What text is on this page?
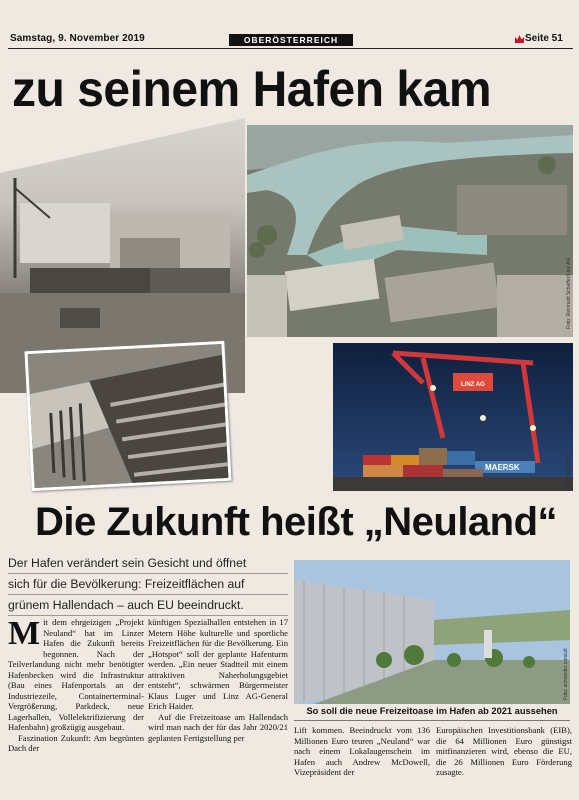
Samstag, 9. November 2019	OBERÖSTERREICH	Seite 51
zu seinem Hafen kam
Foto: Reinhold Schaffer/Linz AG

MAERSK
LINZ AG
Foto: MCRLOX
Die Zukunft heißt „Neuland“
Der Hafen verändert sein Gesicht und öffnet
sich für die Bevölkerung: Freizeitflächen auf
grünem Hallendach – auch EU beeindruckt.
Foto: schneider consult
So soll die neue Freizeitoase im Hafen ab 2021 aussehen
Mit dem ehrgeizigen „Projekt Neuland“ hat im Linzer Hafen die Zukunft bereits begonnen. Nach der Teilverlandung nicht mehr benötigter Hafenbecken wird die Infrastruktur (Bau eines Hafenportals an der Industriezeile, Containerterminal-Vergrößerung, Parkdeck, neue Lagerhallen, Vollelektrifizierung der Hafenbahn) großzügig ausgebaut.
Faszination Zukunft: Am begrünten Dach der
künftigen Spezialhallen entstehen in 17 Metern Höhe kulturelle und sportliche Freizeitflächen für die Bevölkerung. Ein „Hotspot“ soll der geplante Hafenturm werden. „Ein neuer Stadtteil mit einem attraktiven Naherholungsgebiet entsteht“, schwärmen Bürgermeister Klaus Luger und Linz AG-General Erich Haider.
Auf die Freizeitoase am Hallendach wird man nach der für das Jahr 2020/21 geplanten Fertigstellung per
Lift kommen. Beeindruckt vom 136 Millionen Euro teuren „Neuland“ war nach einem Lokalaugenschein im Hafen auch Andrew McDowell, Vizepräsident der
Europäischen Investitionsbank (EIB), die 64 Millionen Euro günstigst mitfinanzieren wird, ebenso die EU, die 26 Millionen Euro Förderung zusagte.
